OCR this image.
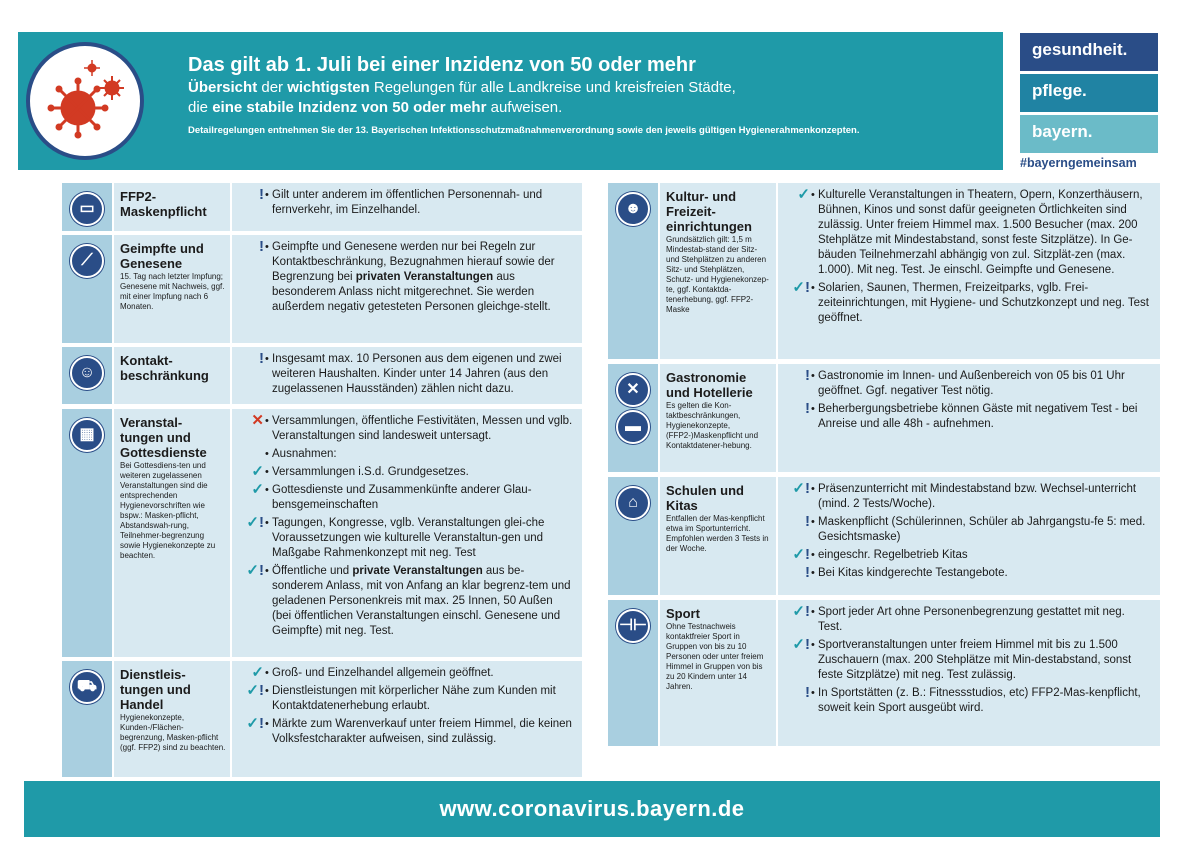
Das gilt ab 1. Juli bei einer Inzidenz von 50 oder mehr
Übersicht der wichtigsten Regelungen für alle Landkreise und kreisfreien Städte,
die eine stabile Inzidenz von 50 oder mehr aufweisen.
Detailregelungen entnehmen Sie der 13. Bayerischen Infektionsschutzmaßnahmenverordnung sowie den jeweils gültigen Hygienerahmenkonzepten.
gesundheit.
pflege.
bayern.
#bayerngemeinsam
▭
FFP2-
Maskenpflicht
! • Gilt unter anderem im öffentlichen Personennah- und fernverkehr, im Einzelhandel.
⟋
Geimpfte und Genesene
15. Tag nach letzter Impfung; Genesene mit Nachweis, ggf. mit einer Impfung nach 6 Monaten.
! • Geimpfte und Genesene werden nur bei Regeln zur Kontaktbeschränkung, Bezugnahmen hierauf sowie der Begrenzung bei privaten Veranstaltungen aus besonderem Anlass nicht mitgerechnet. Sie werden außerdem negativ getesteten Personen gleichge-stellt.
☺
Kontakt-
beschränkung
! • Insgesamt max. 10 Personen aus dem eigenen und zwei weiteren Haushalten. Kinder unter 14 Jahren (aus den zugelassenen Hausständen) zählen nicht dazu.
▦
Veranstal-
tungen und Gottesdienste
Bei Gottesdiens-ten und weiteren zugelassenen Veranstaltungen sind die entsprechenden Hygienevorschriften wie bspw.: Masken-pflicht, Abstandswah-rung, Teilnehmer-begrenzung sowie Hygienekonzepte zu beachten.
✕ • Versammlungen, öffentliche Festivitäten, Messen und vglb. Veranstaltungen sind landesweit untersagt.
• Ausnahmen:
✓ • Versammlungen i.S.d. Grundgesetzes.
✓ • Gottesdienste und Zusammenkünfte anderer Glau-bensgemeinschaften
✓! • Tagungen, Kongresse, vglb. Veranstaltungen glei-che Voraussetzungen wie kulturelle Veranstaltun-gen und Maßgabe Rahmenkonzept mit neg. Test
✓! • Öffentliche und private Veranstaltungen aus be-sonderem Anlass, mit von Anfang an klar begrenz-tem und geladenen Personenkreis mit max. 25 Innen, 50 Außen (bei öffentlichen Veranstaltungen einschl. Genesene und Geimpfte) mit neg. Test.
⛟
Dienstleis-
tungen und Handel
Hygienekonzepte, Kunden-/Flächen-begrenzung, Masken-pflicht (ggf. FFP2) sind zu beachten.
✓ • Groß- und Einzelhandel allgemein geöffnet.
✓! • Dienstleistungen mit körperlicher Nähe zum Kunden mit Kontaktdatenerhebung erlaubt.
✓! • Märkte zum Warenverkauf unter freiem Himmel, die keinen Volksfestcharakter aufweisen, sind zulässig.
☻
Kultur- und Freizeit-einrichtungen
Grundsätzlich gilt: 1,5 m Mindestab-stand der Sitz- und Stehplätzen zu anderen Sitz- und Stehplätzen, Schutz- und Hygienekonzep-te, ggf. Kontaktda-tenerhebung, ggf. FFP2-Maske
✓ • Kulturelle Veranstaltungen in Theatern, Opern, Konzerthäusern, Bühnen, Kinos und sonst dafür geeigneten Örtlichkeiten sind zulässig. Unter freiem Himmel max. 1.500 Besucher (max. 200 Stehplätze mit Mindestabstand, sonst feste Sitzplätze). In Ge-bäuden Teilnehmerzahl abhängig von zul. Sitzplät-zen (max. 1.000). Mit neg. Test. Je einschl. Geimpfte und Genesene.
✓! • Solarien, Saunen, Thermen, Freizeitparks, vglb. Frei-zeiteinrichtungen, mit Hygiene- und Schutzkonzept und neg. Test geöffnet.
✕
▬
Gastronomie und Hotellerie
Es gelten die Kon-taktbeschränkungen, Hygienekonzepte, (FFP2-)Maskenpflicht und Kontaktdatener-hebung.
! • Gastronomie im Innen- und Außenbereich von 05 bis 01 Uhr geöffnet. Ggf. negativer Test nötig.
! • Beherbergungsbetriebe können Gäste mit negativem Test - bei Anreise und alle 48h - aufnehmen.
⌂
Schulen und Kitas
Entfallen der Mas-kenpflicht etwa im Sportunterricht. Empfohlen werden 3 Tests in der Woche.
✓! • Präsenzunterricht mit Mindestabstand bzw. Wechsel-unterricht (mind. 2 Tests/Woche).
! • Maskenpflicht (Schülerinnen, Schüler ab Jahrgangstu-fe 5: med. Gesichtsmaske)
✓! • eingeschr. Regelbetrieb Kitas
! • Bei Kitas kindgerechte Testangebote.
⊣⊢
Sport
Ohne Testnachweis kontaktfreier Sport in Gruppen von bis zu 10 Personen oder unter freiem Himmel in Gruppen von bis zu 20 Kindern unter 14 Jahren.
✓! • Sport jeder Art ohne Personenbegrenzung gestattet mit neg. Test.
✓! • Sportveranstaltungen unter freiem Himmel mit bis zu 1.500 Zuschauern (max. 200 Stehplätze mit Min-destabstand, sonst feste Sitzplätze) mit neg. Test zulässig.
! • In Sportstätten (z. B.: Fitnessstudios, etc) FFP2-Mas-kenpflicht, soweit kein Sport ausgeübt wird.
www.coronavirus.bayern.de
